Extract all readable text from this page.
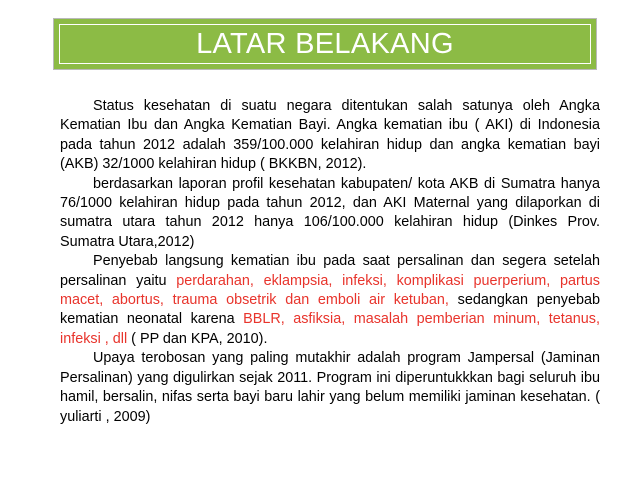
LATAR BELAKANG

Status kesehatan di suatu negara ditentukan salah satunya oleh Angka Kematian Ibu dan Angka Kematian Bayi. Angka kematian ibu ( AKI) di Indonesia pada tahun 2012 adalah 359/100.000 kelahiran hidup dan angka kematian bayi (AKB) 32/1000 kelahiran hidup ( BKKBN, 2012).

berdasarkan laporan profil kesehatan kabupaten/ kota AKB di Sumatra hanya 76/1000 kelahiran hidup pada tahun 2012, dan AKI Maternal yang dilaporkan di sumatra utara tahun 2012 hanya 106/100.000 kelahiran hidup (Dinkes Prov. Sumatra Utara,2012)

Penyebab langsung kematian ibu pada saat persalinan dan segera setelah persalinan yaitu perdarahan, eklampsia, infeksi, komplikasi puerperium, partus macet, abortus, trauma obsetrik dan emboli air ketuban, sedangkan penyebab kematian neonatal karena BBLR, asfiksia, masalah pemberian minum, tetanus, infeksi , dll ( PP dan KPA, 2010).

Upaya terobosan yang paling mutakhir adalah program Jampersal (Jaminan Persalinan) yang digulirkan sejak 2011. Program ini diperuntukkkan bagi seluruh ibu hamil, bersalin, nifas serta bayi baru lahir yang belum memiliki jaminan kesehatan. ( yuliarti , 2009)
